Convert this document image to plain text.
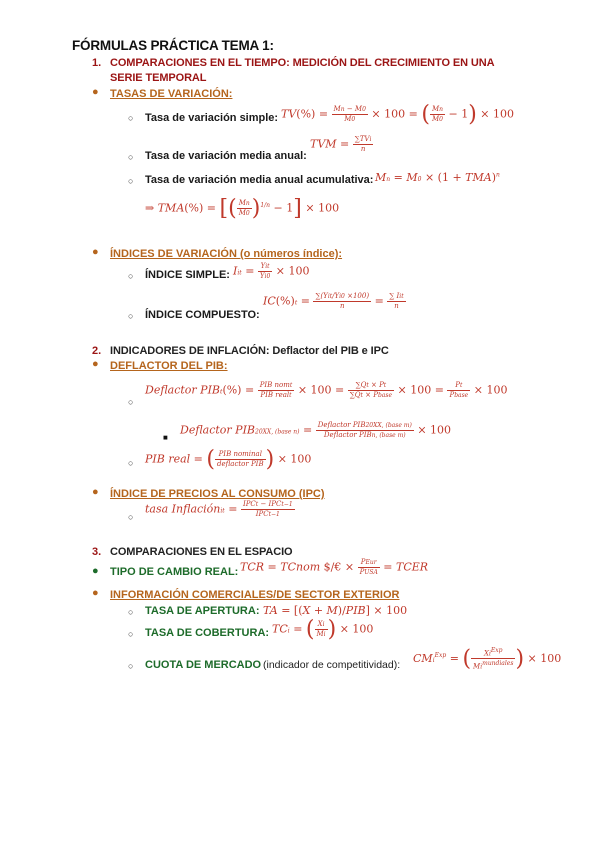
FÓRMULAS PRÁCTICA TEMA 1:
1. COMPARACIONES EN EL TIEMPO: MEDICIÓN DEL CRECIMIENTO EN UNA
SERIE TEMPORAL
● TASAS DE VARIACIÓN:
○ Tasa de variación simple: $TV(\%) = \frac{Mn - M0}{M0} \times 100$ = ( $\frac{Mn}{M0} - 1) \times 100$
○ Tasa de variación media anual:
TVM = $\frac{\text{∑TVi}}{n}$
○ Tasa de variación media anual acumulativa: Mn = M0 × (1 + TMA)$^n$
⇒ TMA(%) = [( $\frac{Mn}{M0} )^{1/n} - 1] \times 100$
● ÍNDICES DE VARIACIÓN (o números índice):
○ ÍNDICE SIMPLE: Iit = $\frac{\text{Yit}}{Yi0} \times 100$
○ ÍNDICE COMPUESTO:
$IC(\%)t = \frac{\text{∑(Yit/Yi0 ×100)}}{n} = \frac{\text{∑ Iit}}{n}$
2. INDICADORES DE INFLACIÓN: Deflactor del PIB e IPC
● DEFLACTOR DEL PIB:
○
Deflactor PIBt(%) = $\frac{\text{PIB nomt}}{\text{PIB realt}} \times 100 = \frac{\sum Qt \times Pt}{\text{∑Qt × Pbase}} \times 100 = \frac{Pt}{\text{Pbase}} \times 100$
■
Deflactor PIB20XX, (base $n) = \frac{\text{Deflactor PIB20XX, (base m)}}{\text{Deflactor PIBn, (base m)}} \times 100$
○ PIB real = ( $\frac{\text{PIB nominal}}{\text{deflactor PIB}}$ ) × 100
● ÍNDICE DE PRECIOS AL CONSUMO (IPC)
○
tasa Inflaciónit = $\frac{\text{IPCt − IPCt−1}}{\text{IPCt−1}}$
3. COMPARACIONES EN EL ESPACIO
● TIPO DE CAMBIO REAL: TCR = TCnom $/€ × $\frac{\text{PEur}}{\text{PUSA}}$ = TCER
● INFORMACIÓN COMERCIALES/DE SECTOR EXTERIOR
○ TASA DE APERTURA: TA = [(X + M)/PIB] × 100
○ TASA DE COBERTURA: TCi = ( $\frac{Xi}{Mi}$ ) × 100
○ CUOTA DE MERCADO (indicador de competitividad):
CMi$^{Exp}$ = ( $\frac{Xi^{Exp}}{Mi^{mundiales}}$ ) × 100
